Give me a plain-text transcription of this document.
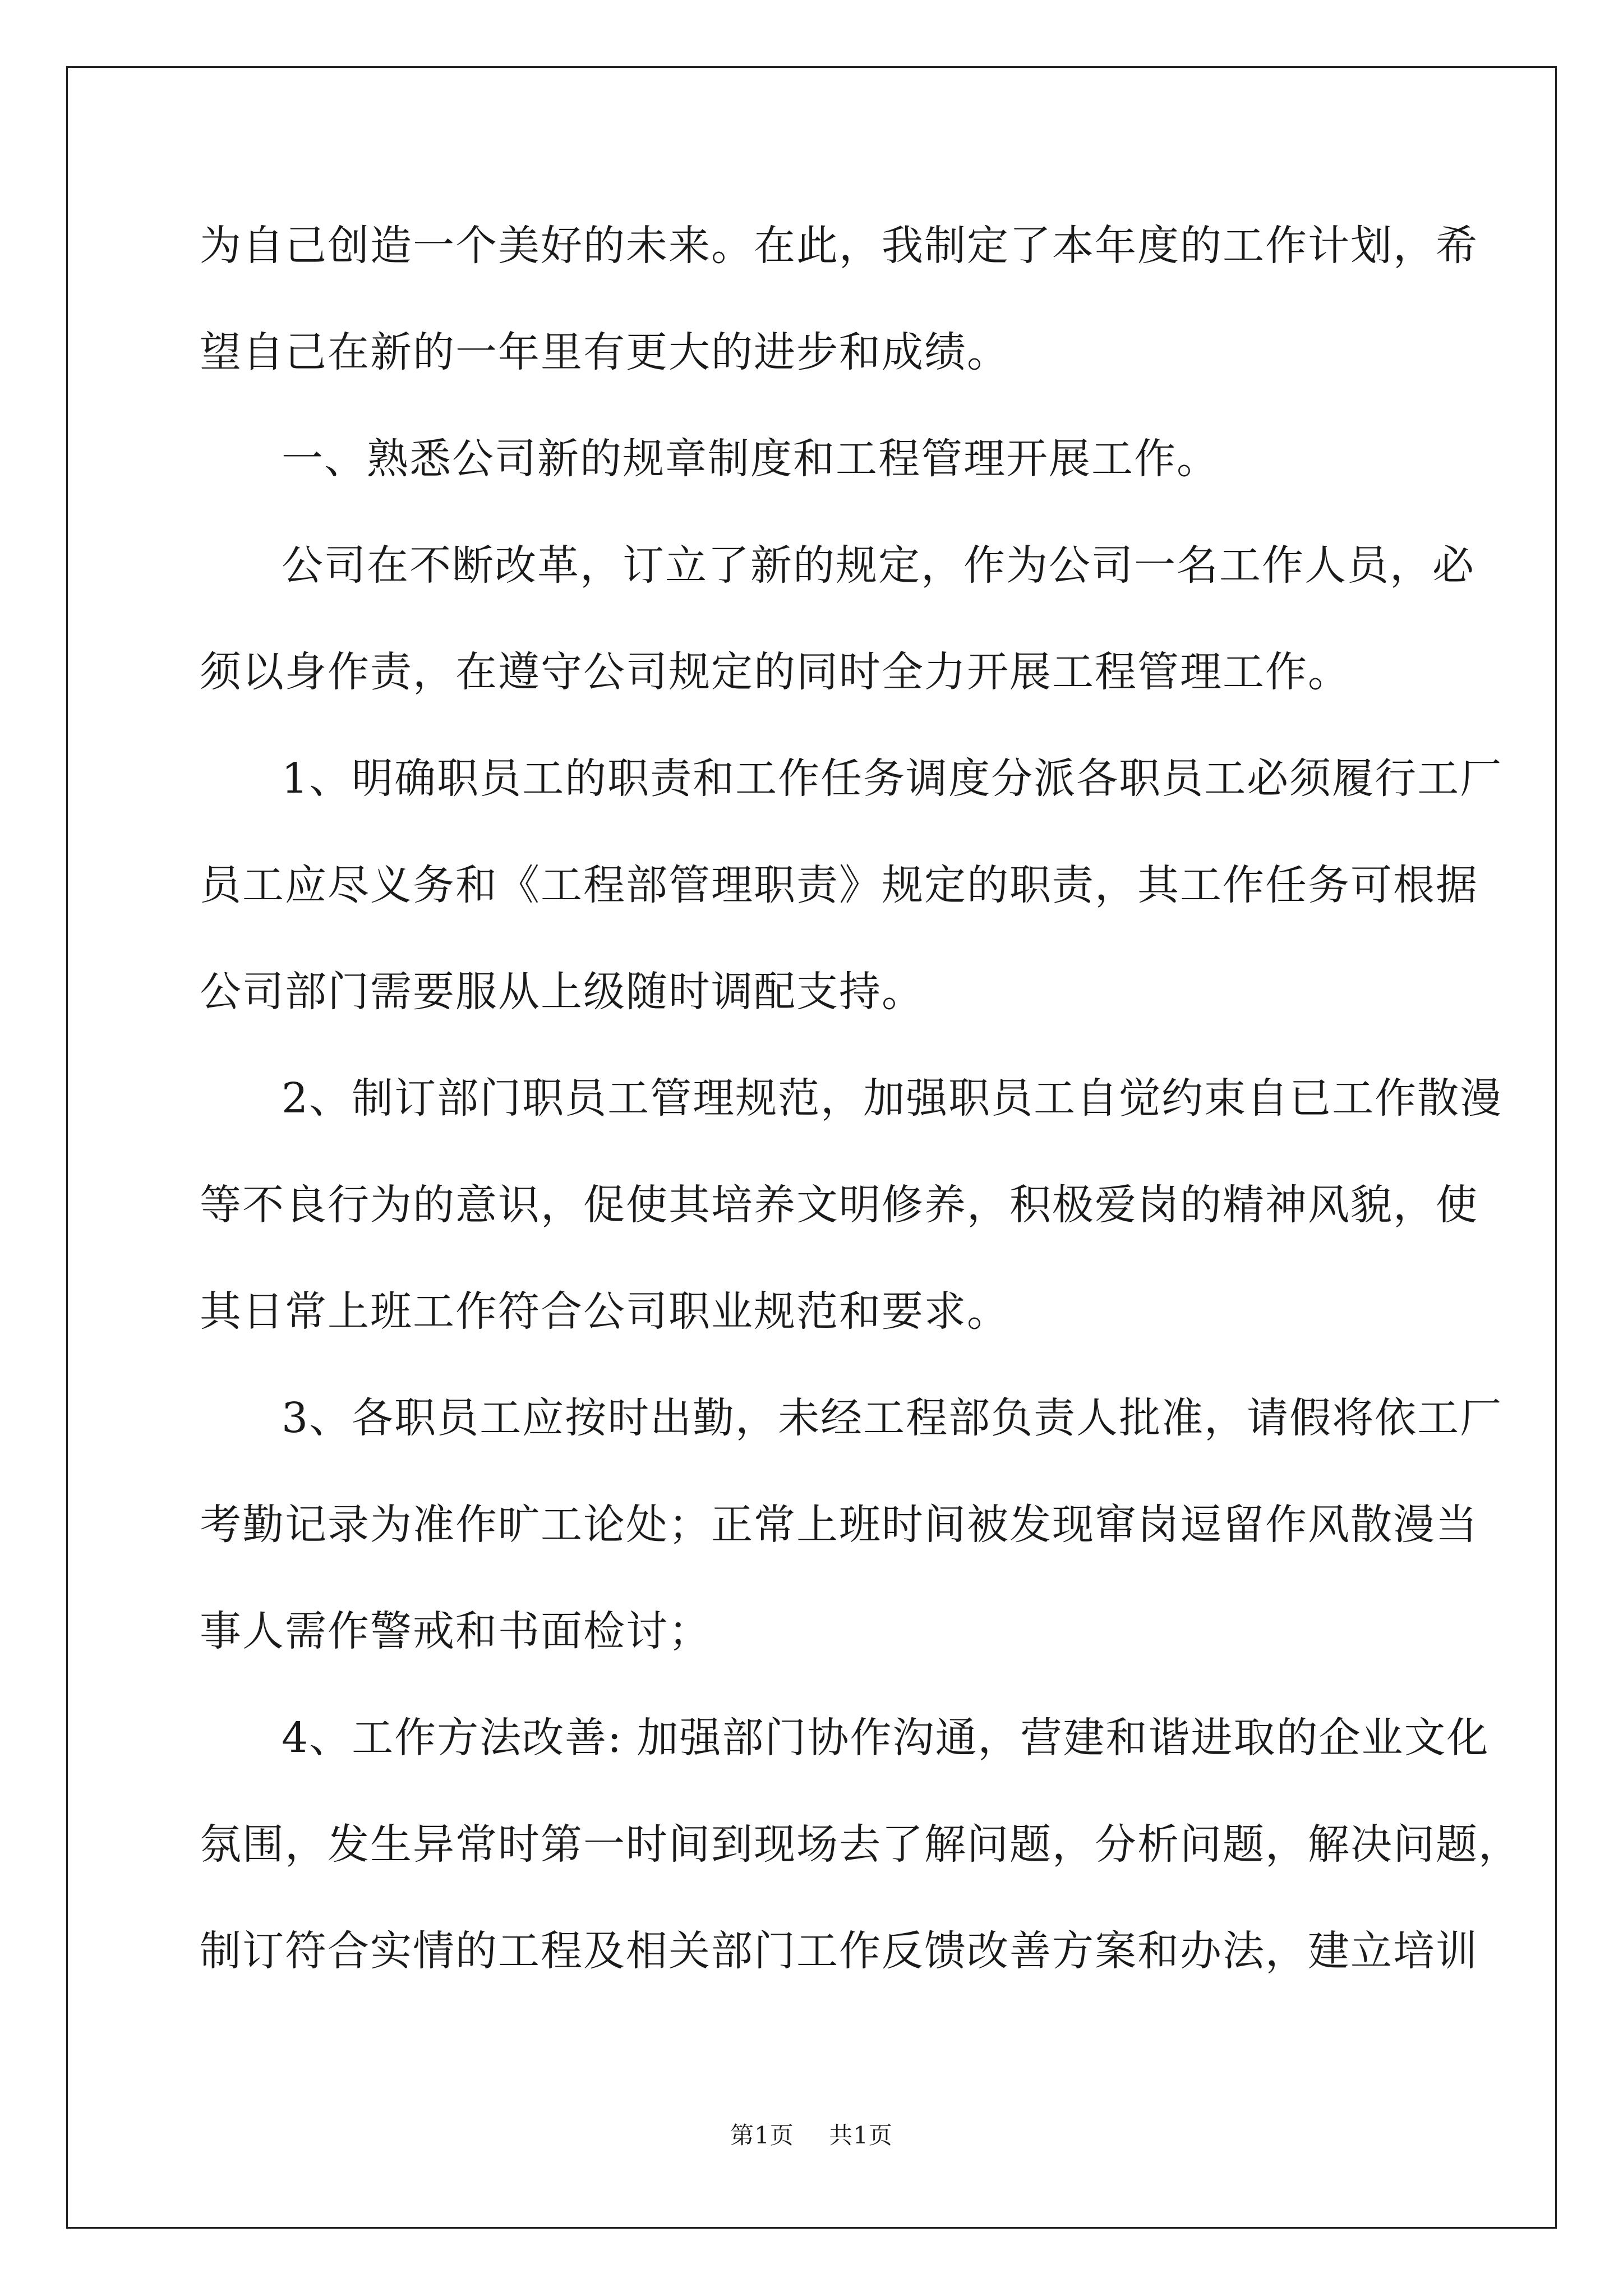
为自己创造一个美好的未来。在此，我制定了本年度的工作计划，希
望自己在新的一年里有更大的进步和成绩。
一、熟悉公司新的规章制度和工程管理开展工作。
公司在不断改革，订立了新的规定，作为公司一名工作人员，必
须以身作责，在遵守公司规定的同时全力开展工程管理工作。
1、明确职员工的职责和工作任务调度分派各职员工必须履行工厂
员工应尽义务和《工程部管理职责》规定的职责，其工作任务可根据
公司部门需要服从上级随时调配支持。
2、制订部门职员工管理规范，加强职员工自觉约束自已工作散漫
等不良行为的意识，促使其培养文明修养，积极爱岗的精神风貌，使
其日常上班工作符合公司职业规范和要求。
3、各职员工应按时出勤，未经工程部负责人批准，请假将依工厂
考勤记录为准作旷工论处；正常上班时间被发现窜岗逗留作风散漫当
事人需作警戒和书面检讨；
4、工作方法改善: 加强部门协作沟通，营建和谐进取的企业文化
氛围，发生异常时第一时间到现场去了解问题，分析问题，解决问题，
制订符合实情的工程及相关部门工作反馈改善方案和办法，建立培训
第1页 共1页
